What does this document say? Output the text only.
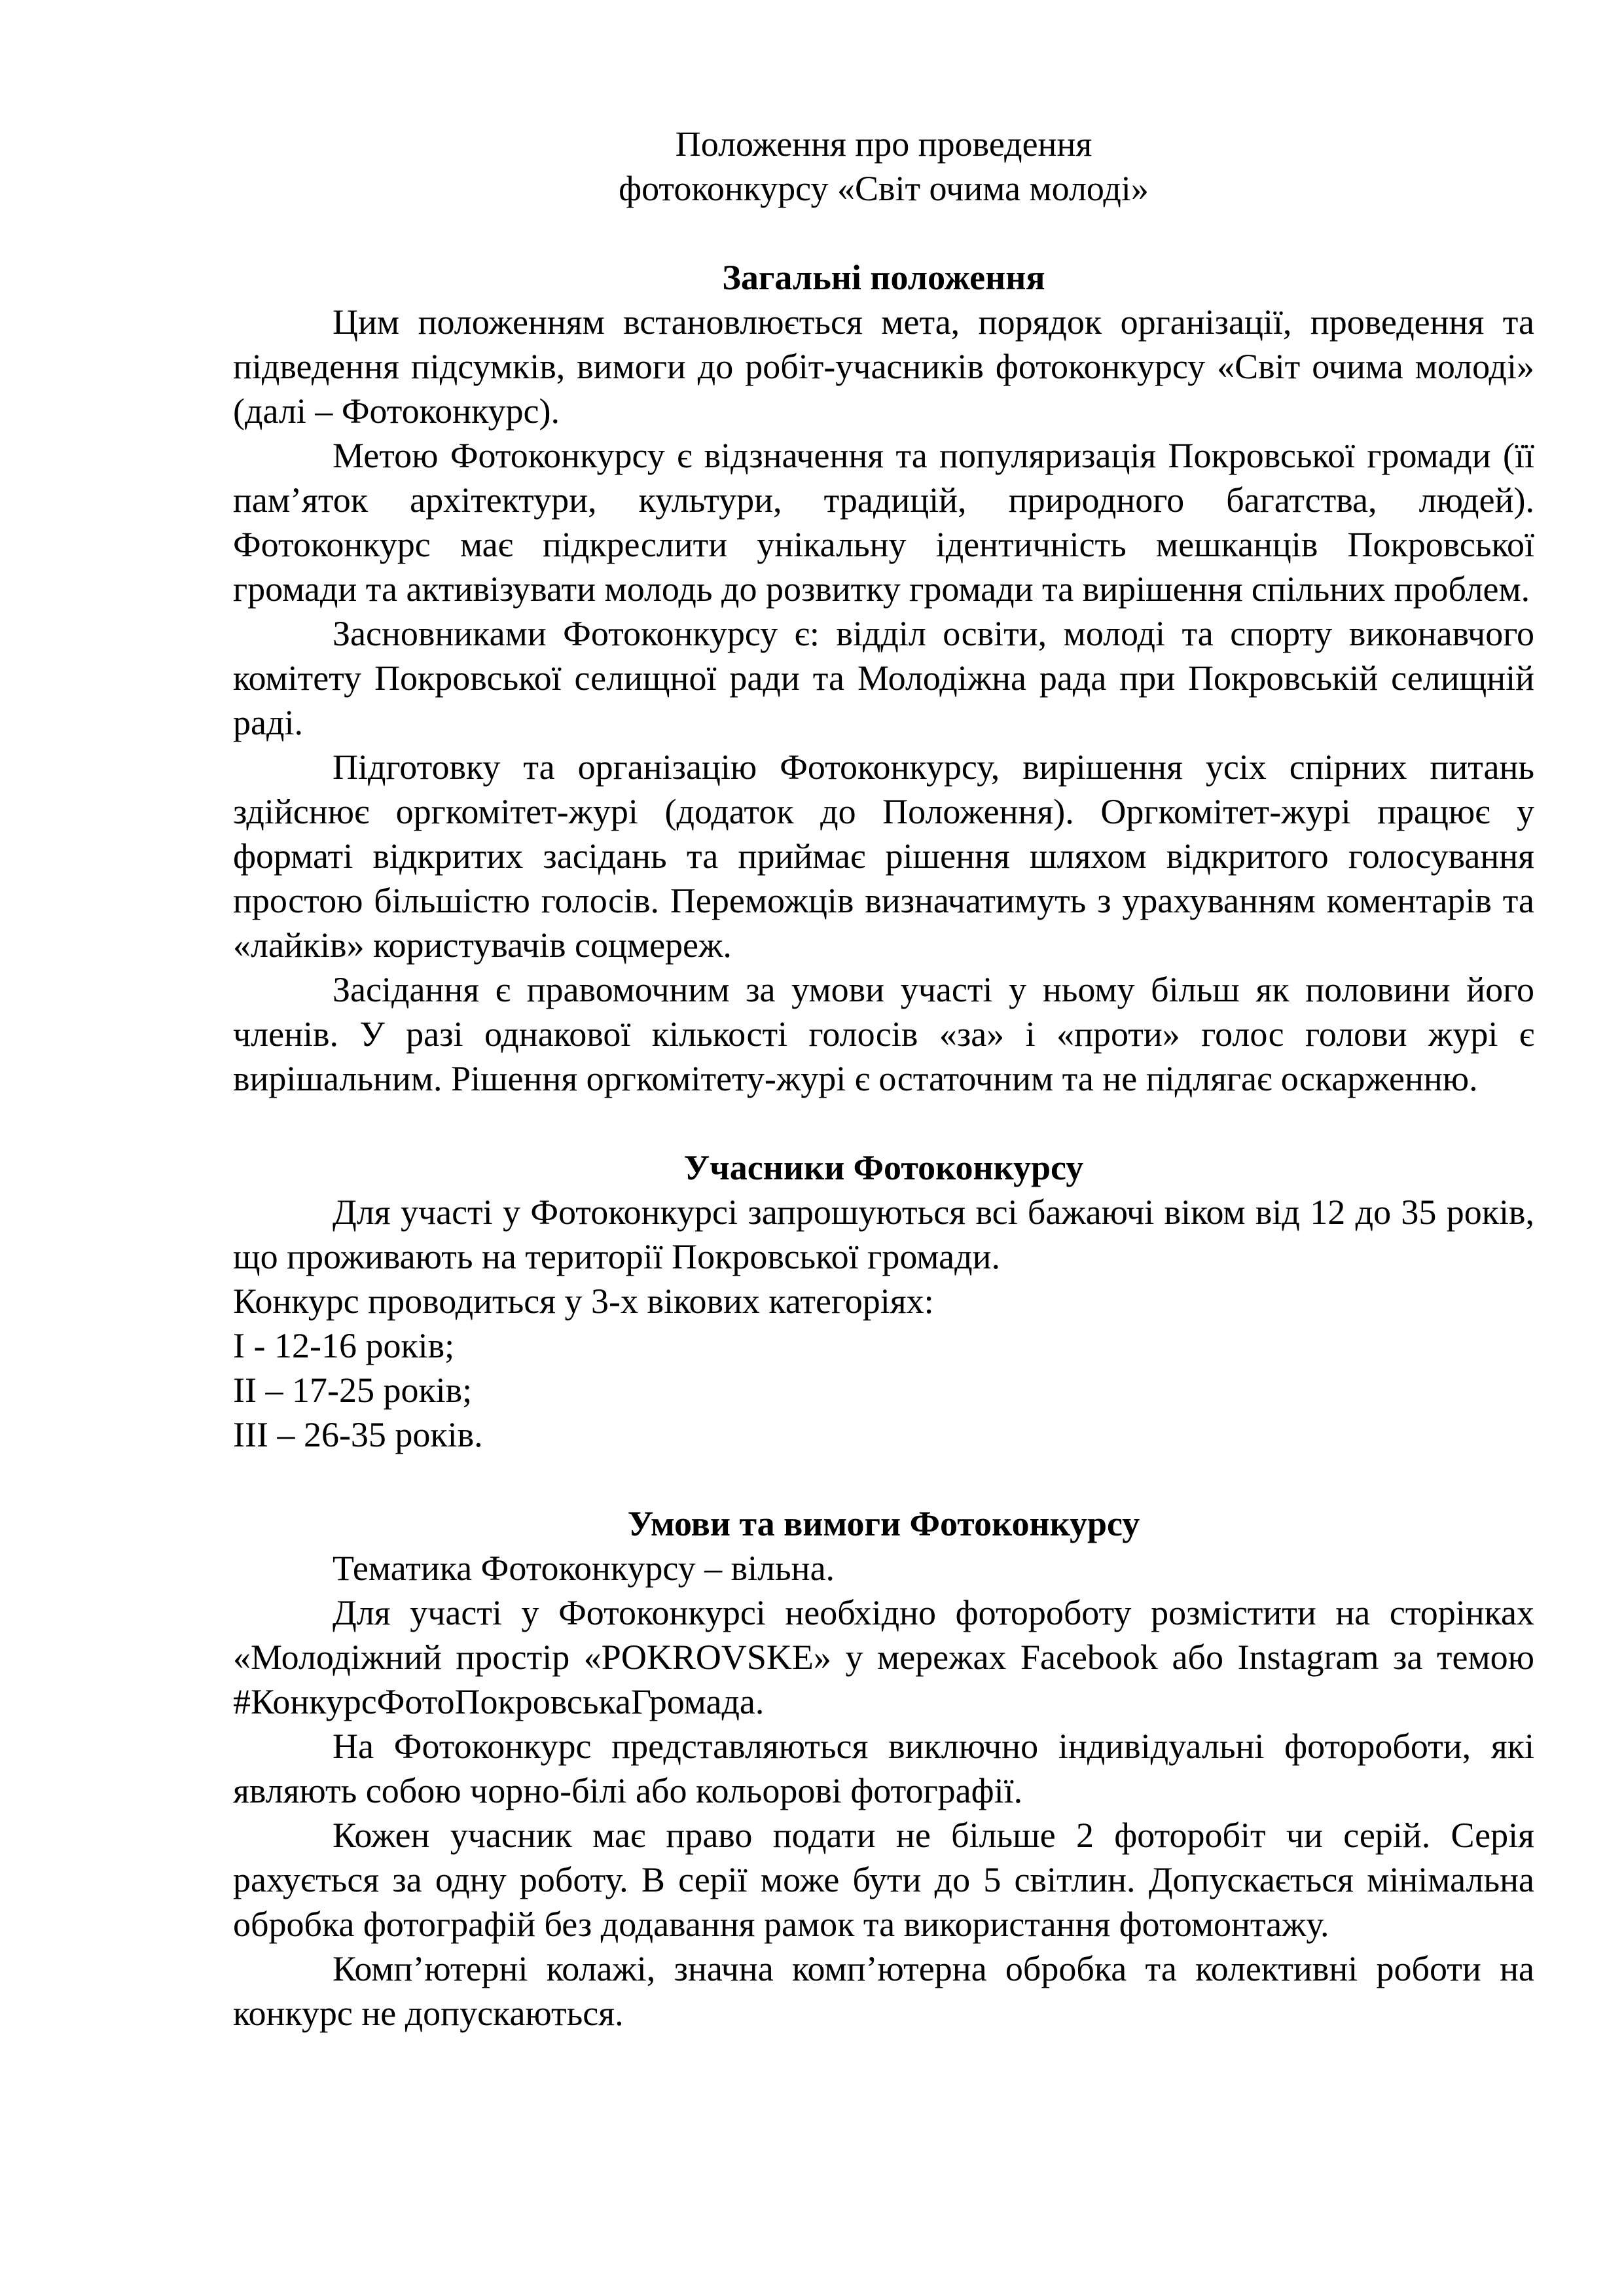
Положення про проведення

фотоконкурсу «Світ очима молоді»

Загальні положення

Цим положенням встановлюється мета, порядок організації, проведення та підведення підсумків, вимоги до робіт-учасників фотоконкурсу «Світ очима молоді» (далі – Фотоконкурс).

Метою Фотоконкурсу є відзначення та популяризація Покровської громади (її пам’яток архітектури, культури, традицій, природного багатства, людей). Фотоконкурс має підкреслити унікальну ідентичність мешканців Покровської громади та активізувати молодь до розвитку громади та вирішення спільних проблем.

Засновниками Фотоконкурсу є: відділ освіти, молоді та спорту виконавчого комітету Покровської селищної ради та Молодіжна рада при Покровській селищній раді.

Підготовку та організацію Фотоконкурсу, вирішення усіх спірних питань здійснює оргкомітет-журі (додаток до Положення). Оргкомітет-журі працює у форматі відкритих засідань та приймає рішення шляхом відкритого голосування простою більшістю голосів. Переможців визначатимуть з урахуванням коментарів та «лайків» користувачів соцмереж.

Засідання є правомочним за умови участі у ньому більш як половини його членів. У разі однакової кількості голосів «за» і «проти» голос голови журі є вирішальним. Рішення оргкомітету-журі є остаточним та не підлягає оскарженню.

Учасники Фотоконкурсу

Для участі у Фотоконкурсі запрошуються всі бажаючі віком від 12 до 35 років, що проживають на території Покровської громади.

Конкурс проводиться у 3-х вікових категоріях:

I - 12-16 років;

II – 17-25 років;

III – 26-35 років.

Умови та вимоги Фотоконкурсу

Тематика Фотоконкурсу – вільна.

Для участі у Фотоконкурсі необхідно фотороботу розмістити на сторінках «Молодіжний простір «POKROVSKE» у мережах Facebook або Instagram за темою #КонкурсФотоПокровськаГромада.

На Фотоконкурс представляються виключно індивідуальні фотороботи, які являють собою чорно-білі або кольорові фотографії.

Кожен учасник має право подати не більше 2 фоторобіт чи серій. Серія рахується за одну роботу. В серії може бути до 5 світлин. Допускається мінімальна обробка фотографій без додавання рамок та використання фотомонтажу.

Комп’ютерні колажі, значна комп’ютерна обробка та колективні роботи на конкурс не допускаються.
